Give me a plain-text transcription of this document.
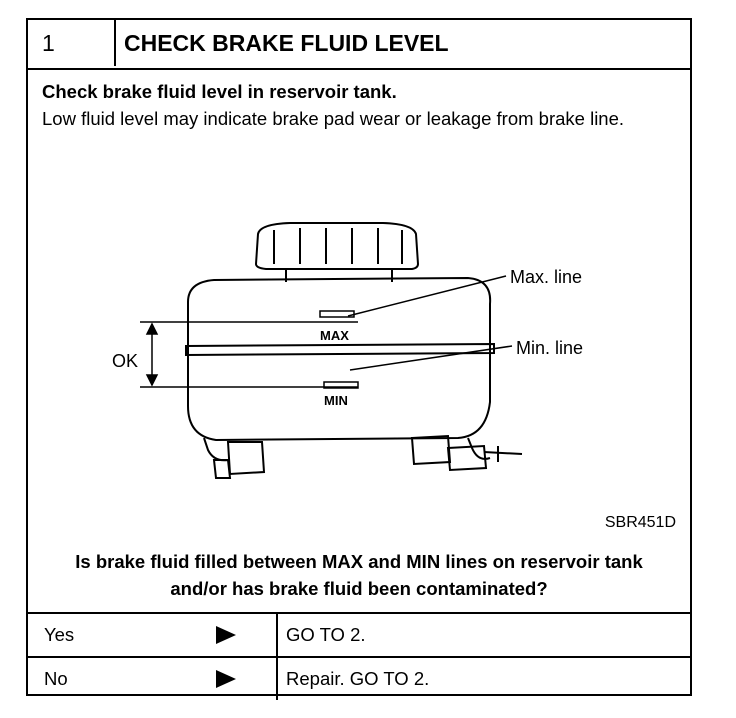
1	CHECK BRAKE FLUID LEVEL
Check brake fluid level in reservoir tank.
Low fluid level may indicate brake pad wear or leakage from brake line.
MAX
MIN
Max. line
Min. line
OK
SBR451D
Is brake fluid filled between MAX and MIN lines on reservoir tank and/or has brake fluid been contaminated?
Yes	GO TO 2.
No	Repair. GO TO 2.
